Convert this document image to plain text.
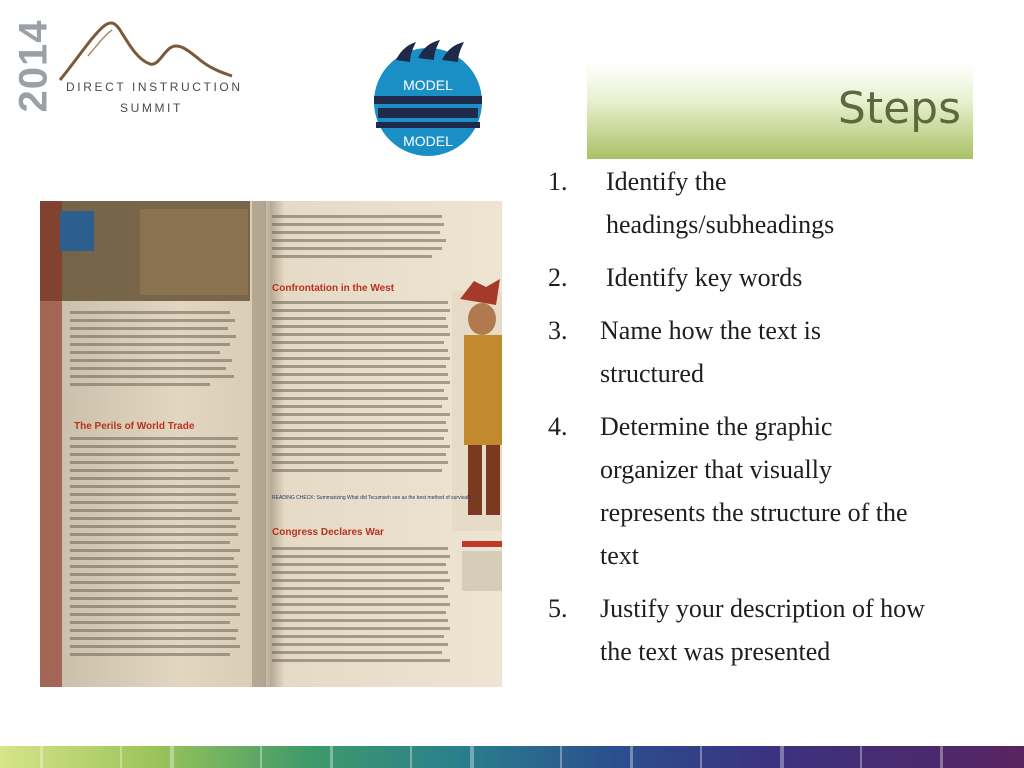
2014 DIRECT INSTRUCTION
SUMMIT
MODEL
MODEL
Steps
The Perils of World Trade
Confrontation in the West
Congress Declares War
READING CHECK: Summarizing What did Tecumseh see as the best method of survival?
1. Identify the headings/subheadings
2. Identify key words
3. Name how the text is structured
4. Determine the graphic organizer that visually represents the structure of the text
5. Justify your description of how the text was presented
